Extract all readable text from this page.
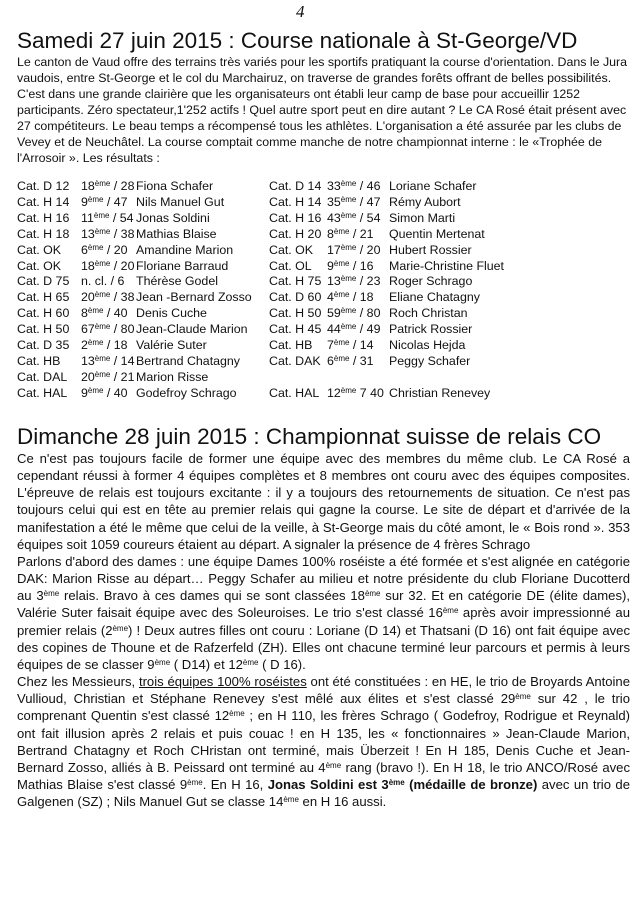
4
Samedi 27 juin 2015 : Course nationale à St-George/VD

Le canton de Vaud offre des terrains très variés pour les sportifs pratiquant la course d'orientation. Dans le Jura vaudois, entre St-George et le col du Marchairuz, on traverse de grandes forêts offrant de belles possibilités. C'est dans une grande clairière que les organisateurs ont établi leur camp de base pour accueillir 1252 participants. Zéro spectateur,1'252 actifs ! Quel autre sport peut en dire autant ? Le CA Rosé était présent avec 27 compétiteurs. Le beau temps a récompensé tous les athlètes. L'organisation a été assurée par les clubs de Vevey et de Neuchâtel. La course comptait comme manche de notre championnat interne : le «Trophée de l'Arrosoir ». Les résultats :

Cat. D 12	18ème / 28	Fiona Schafer	Cat. D 14	33ème / 46	Loriane Schafer
Cat. H 14	9ème / 47	Nils Manuel Gut	Cat. H 14	35ème / 47	Rémy Aubort
Cat. H 16	11ème / 54	Jonas Soldini	Cat. H 16	43ème / 54	Simon Marti
Cat. H 18	13ème / 38	Mathias Blaise	Cat. H 20	8ème / 21	Quentin Mertenat
Cat. OK	6ème / 20	Amandine Marion	Cat. OK	17ème / 20	Hubert Rossier
Cat. OK	18ème / 20	Floriane Barraud	Cat. OL	9ème / 16	Marie-Christine Fluet
Cat. D 75	n. cl. / 6	Thérèse Godel	Cat. H 75	13ème / 23	Roger Schrago
Cat. H 65	20ème / 38	Jean -Bernard Zosso	Cat. D 60	4ème / 18	Eliane Chatagny
Cat. H 60	8ème / 40	Denis Cuche	Cat. H 50	59ème / 80	Roch Christan
Cat. H 50	67ème / 80	Jean-Claude Marion	Cat. H 45	44ème / 49	Patrick Rossier
Cat. D 35	2ème / 18	Valérie Suter	Cat. HB	7ème / 14	Nicolas Hejda
Cat. HB	13ème / 14	Bertrand Chatagny	Cat. DAK	6ème / 31	Peggy Schafer
Cat. DAL	20ème / 21	Marion Risse			
Cat. HAL	9ème / 40	Godefroy Schrago	Cat. HAL	12ème 7 40	Christian Renevey
Dimanche 28 juin 2015 : Championnat suisse de relais CO

Ce n'est pas toujours facile de former une équipe avec des membres du même club. Le CA Rosé a cependant réussi à former 4 équipes complètes et 8 membres ont couru avec des équipes composites. L'épreuve de relais est toujours excitante : il y a toujours des retournements de situation. Ce n'est pas toujours celui qui est en tête au premier relais qui gagne la course. Le site de départ et d'arrivée de la manifestation a été le même que celui de la veille, à St-George mais du côté amont, le « Bois rond ». 353 équipes soit 1059 coureurs étaient au départ. A signaler la présence de 4 frères Schrago

Parlons d'abord des dames : une équipe Dames 100% roséiste a été formée et s'est alignée en catégorie DAK: Marion Risse au départ… Peggy Schafer au milieu et notre présidente du club Floriane Ducotterd au 3ème relais. Bravo à ces dames qui se sont classées 18ème sur 32. Et en catégorie DE (élite dames), Valérie Suter faisait équipe avec des Soleuroises. Le trio s'est classé 16ème après avoir impressionné au premier relais (2ème) ! Deux autres filles ont couru : Loriane (D 14) et Thatsani (D 16) ont fait équipe avec des copines de Thoune et de Rafzerfeld (ZH). Elles ont chacune terminé leur parcours et permis à leurs équipes de se classer 9ème ( D14) et 12ème ( D 16).

Chez les Messieurs, trois équipes 100% roséistes ont été constituées : en HE, le trio de Broyards Antoine Vullioud, Christian et Stéphane Renevey s'est mêlé aux élites et s'est classé 29ème sur 42 , le trio comprenant Quentin s'est classé 12ème ; en H 110, les frères Schrago ( Godefroy, Rodrigue et Reynald) ont fait illusion après 2 relais et puis couac ! en H 135, les « fonctionnaires » Jean-Claude Marion, Bertrand Chatagny et Roch CHristan ont terminé, mais Überzeit ! En H 185, Denis Cuche et Jean-Bernard Zosso, alliés à B. Peissard ont terminé au 4ème rang (bravo !). En H 18, le trio ANCO/Rosé avec Mathias Blaise s'est classé 9ème. En H 16, Jonas Soldini est 3ème (médaille de bronze) avec un trio de Galgenen (SZ) ; Nils Manuel Gut se classe 14ème en H 16 aussi.
